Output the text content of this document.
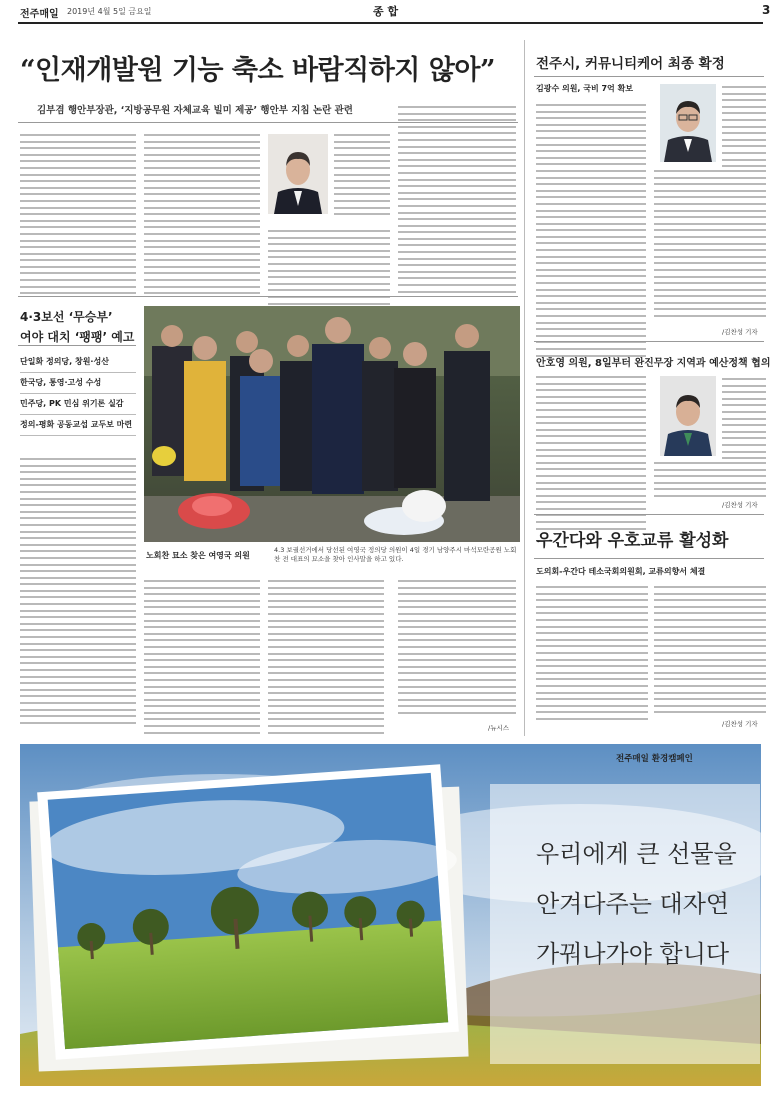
전주매일 2019년 4월 5일 금요일	종 합	3
“인재개발원 기능 축소 바람직하지 않아”
김부겸 행안부장관, ‘지방공무원 자체교육 빌미 제공’ 행안부 지침 논란 관련
4·3보선 ‘무승부’
여야 대치 ‘팽팽’ 예고
단일화 정의당, 창원·성산
한국당, 통영·고성 수성
민주당, PK 민심 위기론 실감
정의-평화 공동교섭 교두보 마련
노회찬 묘소 찾은 여영국 의원
4.3 보궐선거에서 당선된 여영국 정의당 의원이 4일 경기 남양주시 마석모란공원 노회찬 전 대표의 묘소을 찾아 인사말을 하고 있다.
/뉴시스
전주시, 커뮤니티케어 최종 확정
김광수 의원, 국비 7억 확보
/김찬성 기자
안호영 의원, 8일부터 완진무장 지역과 예산정책 협의
/김찬성 기자
우간다와 우호교류 활성화
도의회-우간다 테소국회의원회, 교류의향서 체결
/김찬성 기자
전주매일 환경캠페인
우리에게 큰 선물을
안겨다주는 대자연
가꿔나가야 합니다
